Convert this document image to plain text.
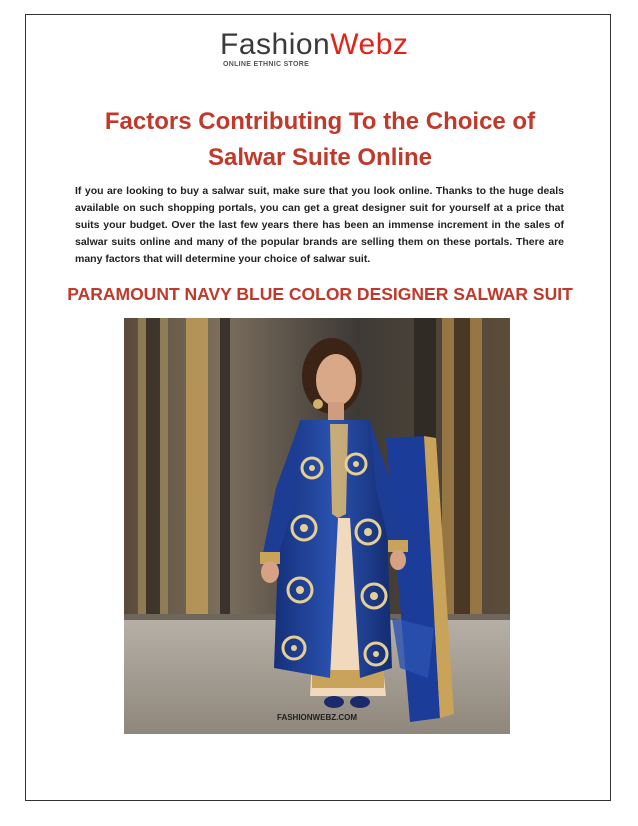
FashionWebz
ONLINE ETHNIC STORE
Factors Contributing To the Choice of
Salwar Suite Online

If you are looking to buy a salwar suit, make sure that you look online. Thanks to the huge deals available on such shopping portals, you can get a great designer suit for yourself at a price that suits your budget. Over the last few years there has been an immense increment in the sales of salwar suits online and many of the popular brands are selling them on these portals. There are many factors that will determine your choice of salwar suit.

PARAMOUNT NAVY BLUE COLOR DESIGNER SALWAR SUIT
FASHIONWEBZ.COM
